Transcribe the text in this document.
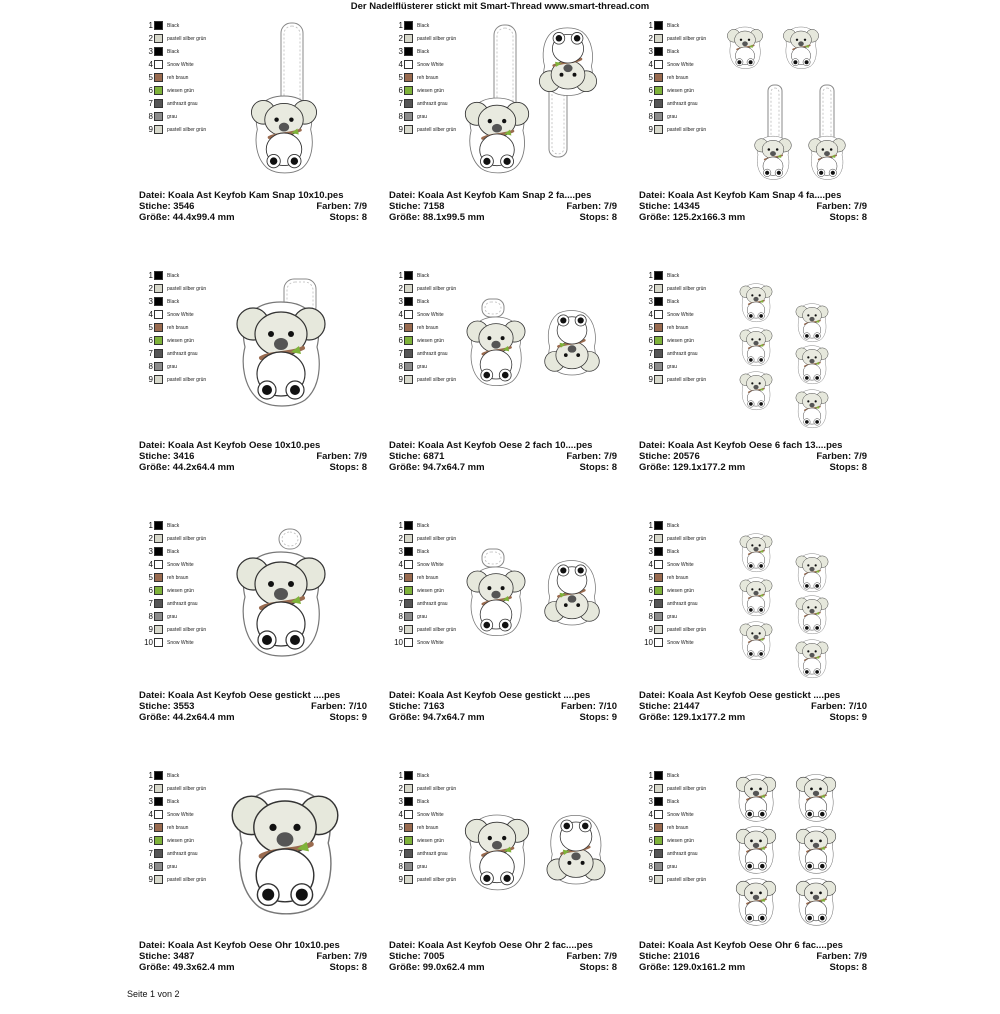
Der Nadelflüsterer stickt mit Smart-Thread www.smart-thread.com
1	Black
2	pastell silber grün
3	Black
4	Snow White
5	reh braun
6	wiesen grün
7	anthrazit grau
8	grau
9	pastell silber grün
Datei: Koala Ast Keyfob Kam Snap 10x10.pes
Stiche: 3546	Farben: 7/9
Größe: 44.4x99.4 mm	Stops: 8
1	Black
2	pastell silber grün
3	Black
4	Snow White
5	reh braun
6	wiesen grün
7	anthrazit grau
8	grau
9	pastell silber grün
Datei: Koala Ast Keyfob Kam Snap 2 fa....pes
Stiche: 7158	Farben: 7/9
Größe: 88.1x99.5 mm	Stops: 8
1	Black
2	pastell silber grün
3	Black
4	Snow White
5	reh braun
6	wiesen grün
7	anthrazit grau
8	grau
9	pastell silber grün
Datei: Koala Ast Keyfob Kam Snap 4 fa....pes
Stiche: 14345	Farben: 7/9
Größe: 125.2x166.3 mm	Stops: 8
1	Black
2	pastell silber grün
3	Black
4	Snow White
5	reh braun
6	wiesen grün
7	anthrazit grau
8	grau
9	pastell silber grün
Datei: Koala Ast Keyfob Oese 10x10.pes
Stiche: 3416	Farben: 7/9
Größe: 44.2x64.4 mm	Stops: 8
1	Black
2	pastell silber grün
3	Black
4	Snow White
5	reh braun
6	wiesen grün
7	anthrazit grau
8	grau
9	pastell silber grün
Datei: Koala Ast Keyfob Oese 2 fach 10....pes
Stiche: 6871	Farben: 7/9
Größe: 94.7x64.7 mm	Stops: 8
1	Black
2	pastell silber grün
3	Black
4	Snow White
5	reh braun
6	wiesen grün
7	anthrazit grau
8	grau
9	pastell silber grün
Datei: Koala Ast Keyfob Oese 6 fach 13....pes
Stiche: 20576	Farben: 7/9
Größe: 129.1x177.2 mm	Stops: 8
1	Black
2	pastell silber grün
3	Black
4	Snow White
5	reh braun
6	wiesen grün
7	anthrazit grau
8	grau
9	pastell silber grün
10	Snow White
Datei: Koala Ast Keyfob Oese gestickt ....pes
Stiche: 3553	Farben: 7/10
Größe: 44.2x64.4 mm	Stops: 9
1	Black
2	pastell silber grün
3	Black
4	Snow White
5	reh braun
6	wiesen grün
7	anthrazit grau
8	grau
9	pastell silber grün
10	Snow White
Datei: Koala Ast Keyfob Oese gestickt ....pes
Stiche: 7163	Farben: 7/10
Größe: 94.7x64.7 mm	Stops: 9
1	Black
2	pastell silber grün
3	Black
4	Snow White
5	reh braun
6	wiesen grün
7	anthrazit grau
8	grau
9	pastell silber grün
10	Snow White
Datei: Koala Ast Keyfob Oese gestickt ....pes
Stiche: 21447	Farben: 7/10
Größe: 129.1x177.2 mm	Stops: 9
1	Black
2	pastell silber grün
3	Black
4	Snow White
5	reh braun
6	wiesen grün
7	anthrazit grau
8	grau
9	pastell silber grün
Datei: Koala Ast Keyfob Oese Ohr 10x10.pes
Stiche: 3487	Farben: 7/9
Größe: 49.3x62.4 mm	Stops: 8
1	Black
2	pastell silber grün
3	Black
4	Snow White
5	reh braun
6	wiesen grün
7	anthrazit grau
8	grau
9	pastell silber grün
Datei: Koala Ast Keyfob Oese Ohr 2 fac....pes
Stiche: 7005	Farben: 7/9
Größe: 99.0x62.4 mm	Stops: 8
1	Black
2	pastell silber grün
3	Black
4	Snow White
5	reh braun
6	wiesen grün
7	anthrazit grau
8	grau
9	pastell silber grün
Datei: Koala Ast Keyfob Oese Ohr 6 fac....pes
Stiche: 21016	Farben: 7/9
Größe: 129.0x161.2 mm	Stops: 8
Seite 1 von 2
